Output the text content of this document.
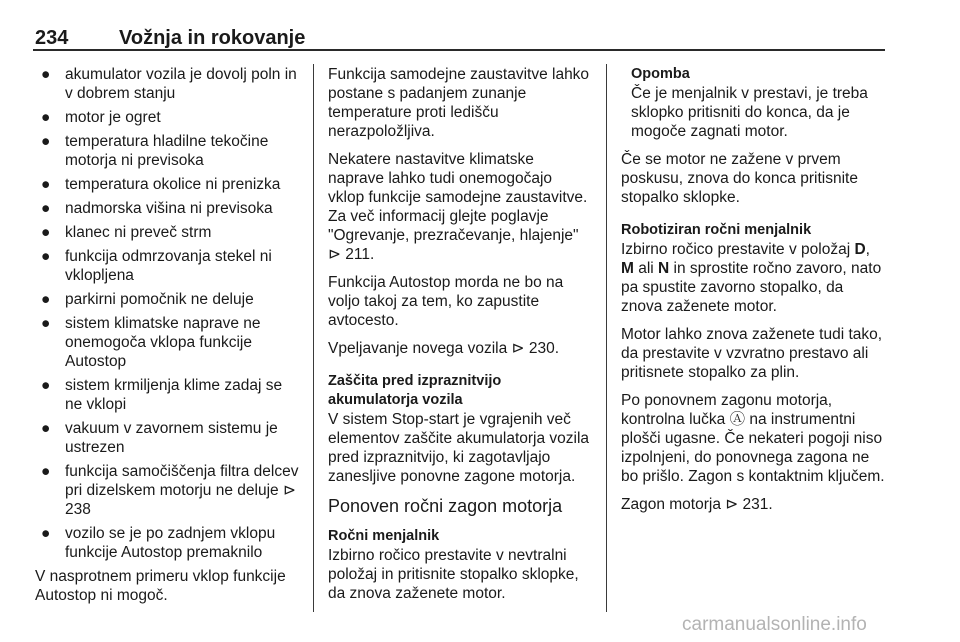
234	Vožnja in rokovanje
● akumulator vozila je dovolj poln in v dobrem stanju
● motor je ogret
● temperatura hladilne tekočine motorja ni previsoka
● temperatura okolice ni prenizka
● nadmorska višina ni previsoka
● klanec ni preveč strm
● funkcija odmrzovanja stekel ni vklopljena
● parkirni pomočnik ne deluje
● sistem klimatske naprave ne onemogoča vklopa funkcije Autostop
● sistem krmiljenja klime zadaj se ne vklopi
● vakuum v zavornem sistemu je ustrezen
● funkcija samočiščenja filtra delcev pri dizelskem motorju ne deluje ⊳ 238
● vozilo se je po zadnjem vklopu funkcije Autostop premaknilo

V nasprotnem primeru vklop funkcije Autostop ni mogoč.

Funkcija samodejne zaustavitve lahko postane s padanjem zunanje temperature proti ledišču nerazpoložljiva.

Nekatere nastavitve klimatske naprave lahko tudi onemogočajo vklop funkcije samodejne zaustavitve. Za več informacij glejte poglavje "Ogrevanje, prezračevanje, hlajenje" ⊳ 211.

Funkcija Autostop morda ne bo na voljo takoj za tem, ko zapustite avtocesto.

Vpeljavanje novega vozila ⊳ 230.

Zaščita pred izpraznitvijo akumulatorja vozila

V sistem Stop-start je vgrajenih več elementov zaščite akumulatorja vozila pred izpraznitvijo, ki zagotavljajo zanesljive ponovne zagone motorja.

Ponoven ročni zagon motorja
Ročni menjalnik

Izbirno ročico prestavite v nevtralni položaj in pritisnite stopalko sklopke, da znova zaženete motor.

Opomba
Če je menjalnik v prestavi, je treba sklopko pritisniti do konca, da je mogoče zagnati motor.

Če se motor ne zažene v prvem poskusu, znova do konca pritisnite stopalko sklopke.

Robotiziran ročni menjalnik

Izbirno ročico prestavite v položaj D, M ali N in sprostite ročno zavoro, nato pa spustite zavorno stopalko, da znova zaženete motor.

Motor lahko znova zaženete tudi tako, da prestavite v vzvratno prestavo ali pritisnete stopalko za plin.

Po ponovnem zagonu motorja, kontrolna lučka Ⓐ na instrumentni plošči ugasne. Če nekateri pogoji niso izpolnjeni, do ponovnega zagona ne bo prišlo. Zagon s kontaktnim ključem.

Zagon motorja ⊳ 231.

carmanualsonline.info
